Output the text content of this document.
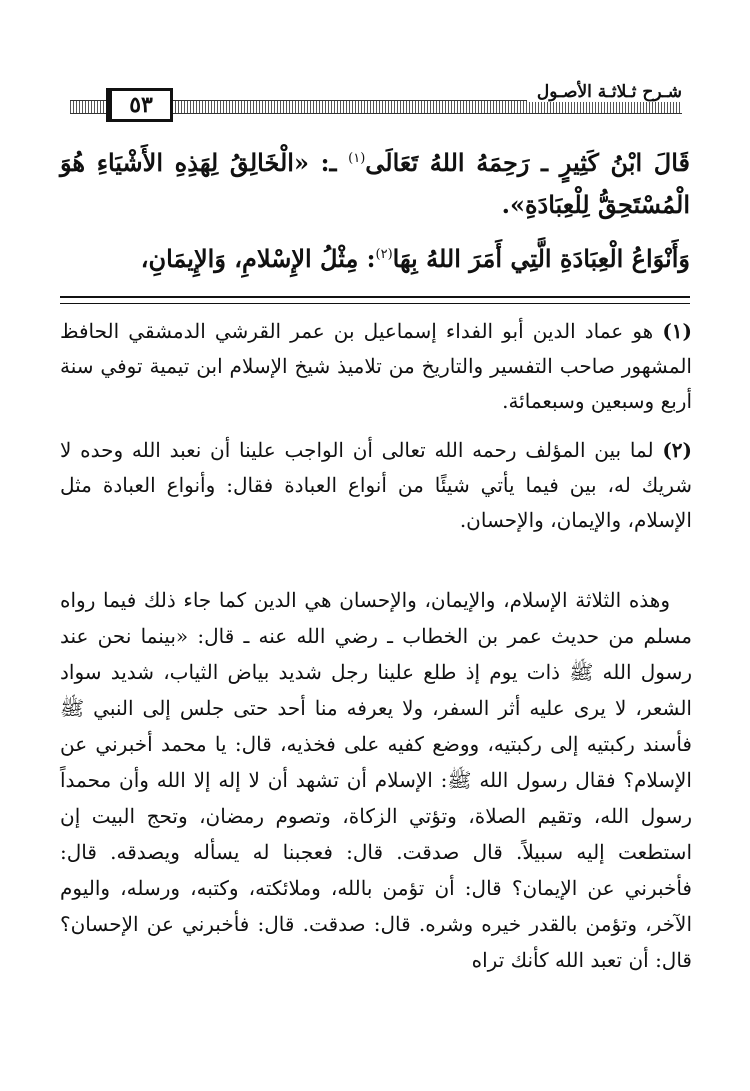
شـرح ثـلاثـة الأصـول
٥٣

قَالَ ابْنُ كَثِيرٍ ـ رَحِمَهُ اللهُ تَعَالَى$^{(١)}$ ـ: «الْخَالِقُ لِهَذِهِ الأَشْيَاءِ هُوَ الْمُسْتَحِقُّ لِلْعِبَادَةِ».

وَأَنْوَاعُ الْعِبَادَةِ الَّتِي أَمَرَ اللهُ بِهَا$^{(٢)}$: مِثْلُ الإِسْلامِ، وَالإِيمَانِ،

(١) هو عماد الدين أبو الفداء إسماعيل بن عمر القرشي الدمشقي الحافظ المشهور صاحب التفسير والتاريخ من تلاميذ شيخ الإسلام ابن تيمية توفي سنة أربع وسبعين وسبعمائة.

(٢) لما بين المؤلف رحمه الله تعالى أن الواجب علينا أن نعبد الله وحده لا شريك له، بين فيما يأتي شيئًا من أنواع العبادة فقال: وأنواع العبادة مثل الإسلام، والإيمان، والإحسان.

وهذه الثلاثة الإسلام، والإيمان، والإحسان هي الدين كما جاء ذلك فيما رواه مسلم من حديث عمر بن الخطاب ـ رضي الله عنه ـ قال: «بينما نحن عند رسول الله ﷺ ذات يوم إذ طلع علينا رجل شديد بياض الثياب، شديد سواد الشعر، لا يرى عليه أثر السفر، ولا يعرفه منا أحد حتى جلس إلى النبي ﷺ فأسند ركبتيه إلى ركبتيه، ووضع كفيه على فخذيه، قال: يا محمد أخبرني عن الإسلام؟ فقال رسول الله ﷺ: الإسلام أن تشهد أن لا إله إلا الله وأن محمداً رسول الله، وتقيم الصلاة، وتؤتي الزكاة، وتصوم رمضان، وتحج البيت إن استطعت إليه سبيلاً. قال صدقت. قال: فعجبنا له يسأله ويصدقه. قال: فأخبرني عن الإيمان؟ قال: أن تؤمن بالله، وملائكته، وكتبه، ورسله، واليوم الآخر، وتؤمن بالقدر خيره وشره. قال: صدقت. قال: فأخبرني عن الإحسان؟ قال: أن تعبد الله كأنك تراه
